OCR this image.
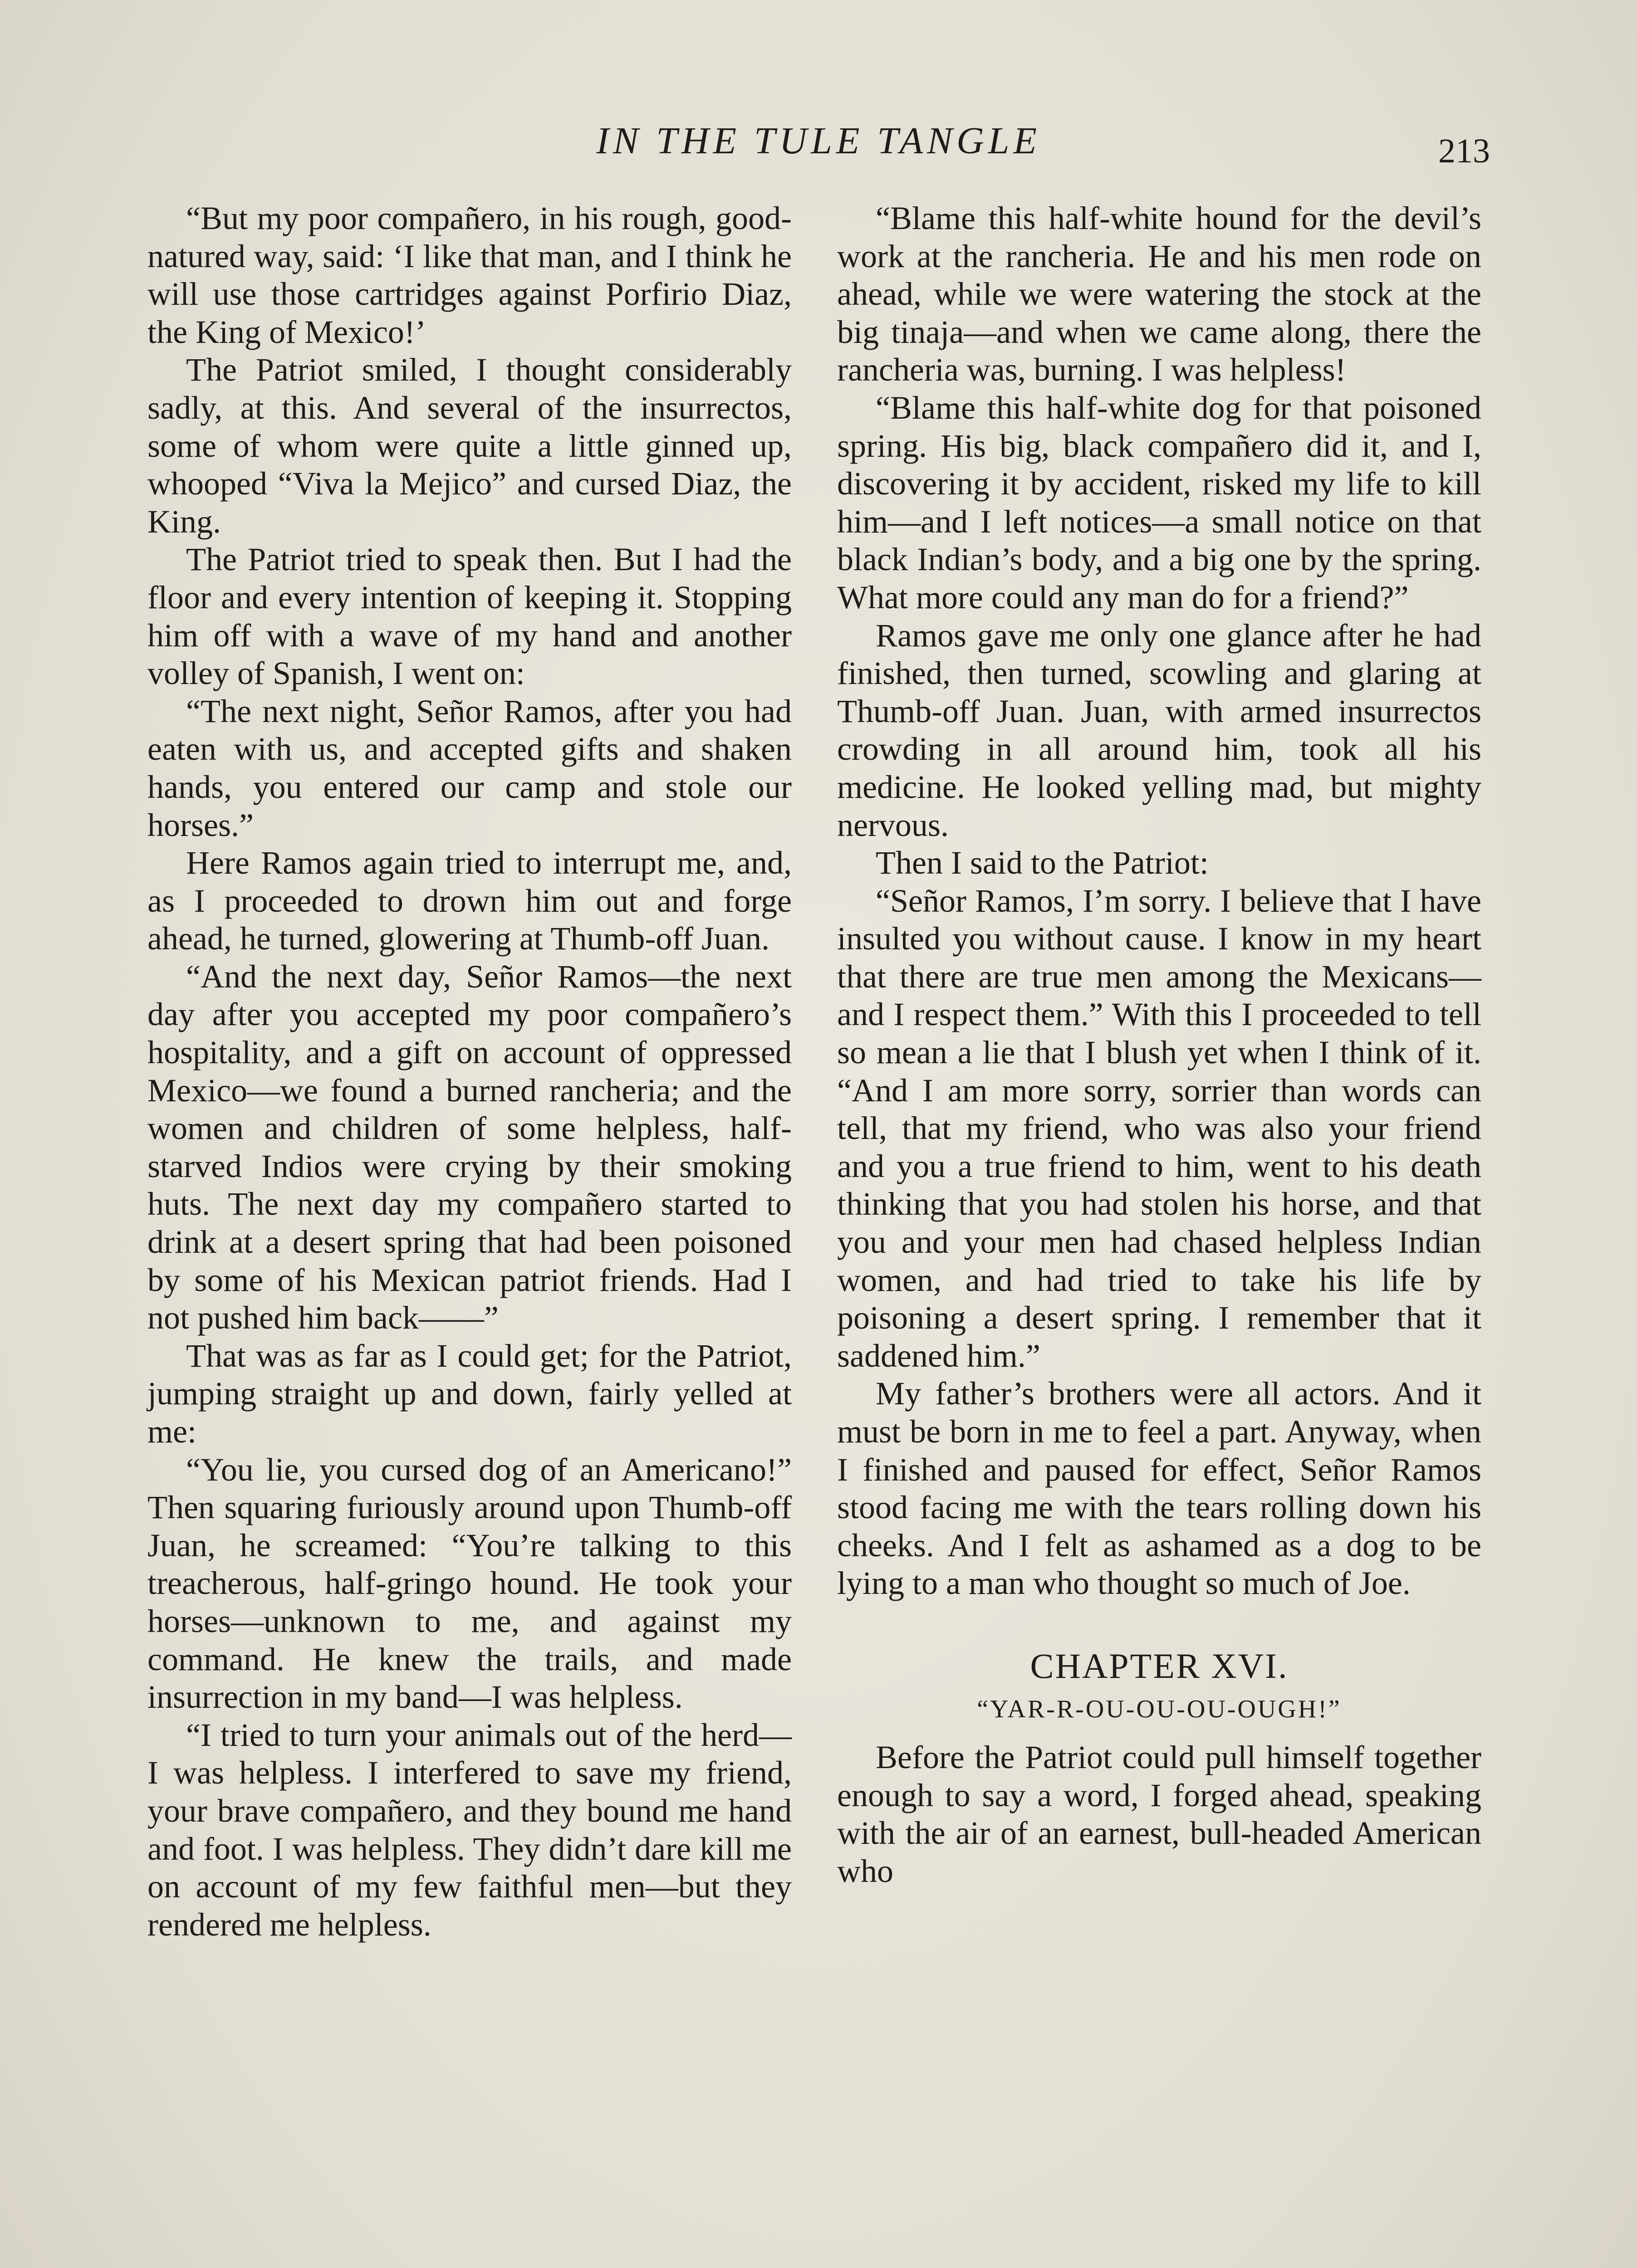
IN THE TULE TANGLE	213

“But my poor compañero, in his rough, good-natured way, said: ‘I like that man, and I think he will use those cartridges against Porfirio Diaz, the King of Mexico!’

The Patriot smiled, I thought considerably sadly, at this. And several of the insurrectos, some of whom were quite a little ginned up, whooped “Viva la Mejico” and cursed Diaz, the King.

The Patriot tried to speak then. But I had the floor and every intention of keeping it. Stopping him off with a wave of my hand and another volley of Spanish, I went on:

“The next night, Señor Ramos, after you had eaten with us, and accepted gifts and shaken hands, you entered our camp and stole our horses.”

Here Ramos again tried to interrupt me, and, as I proceeded to drown him out and forge ahead, he turned, glowering at Thumb-off Juan.

“And the next day, Señor Ramos—the next day after you accepted my poor compañero’s hospitality, and a gift on account of oppressed Mexico—we found a burned rancheria; and the women and children of some helpless, half-starved Indios were crying by their smoking huts. The next day my compañero started to drink at a desert spring that had been poisoned by some of his Mexican patriot friends. Had I not pushed him back——”

That was as far as I could get; for the Patriot, jumping straight up and down, fairly yelled at me:

“You lie, you cursed dog of an Americano!” Then squaring furiously around upon Thumb-off Juan, he screamed: “You’re talking to this treacherous, half-gringo hound. He took your horses—unknown to me, and against my command. He knew the trails, and made insurrection in my band—I was helpless.

“I tried to turn your animals out of the herd—I was helpless. I interfered to save my friend, your brave compañero, and they bound me hand and foot. I was helpless. They didn’t dare kill me on account of my few faithful men—but they rendered me helpless.

“Blame this half-white hound for the devil’s work at the rancheria. He and his men rode on ahead, while we were watering the stock at the big tinaja—and when we came along, there the rancheria was, burning. I was helpless!

“Blame this half-white dog for that poisoned spring. His big, black compañero did it, and I, discovering it by accident, risked my life to kill him—and I left notices—a small notice on that black Indian’s body, and a big one by the spring. What more could any man do for a friend?”

Ramos gave me only one glance after he had finished, then turned, scowling and glaring at Thumb-off Juan. Juan, with armed insurrectos crowding in all around him, took all his medicine. He looked yelling mad, but mighty nervous.

Then I said to the Patriot:

“Señor Ramos, I’m sorry. I believe that I have insulted you without cause. I know in my heart that there are true men among the Mexicans—and I respect them.” With this I proceeded to tell so mean a lie that I blush yet when I think of it. “And I am more sorry, sorrier than words can tell, that my friend, who was also your friend and you a true friend to him, went to his death thinking that you had stolen his horse, and that you and your men had chased helpless Indian women, and had tried to take his life by poisoning a desert spring. I remember that it saddened him.”

My father’s brothers were all actors. And it must be born in me to feel a part. Anyway, when I finished and paused for effect, Señor Ramos stood facing me with the tears rolling down his cheeks. And I felt as ashamed as a dog to be lying to a man who thought so much of Joe.

CHAPTER XVI.
“YAR-R-OU-OU-OU-OUGH!”

Before the Patriot could pull himself together enough to say a word, I forged ahead, speaking with the air of an earnest, bull-headed American who
